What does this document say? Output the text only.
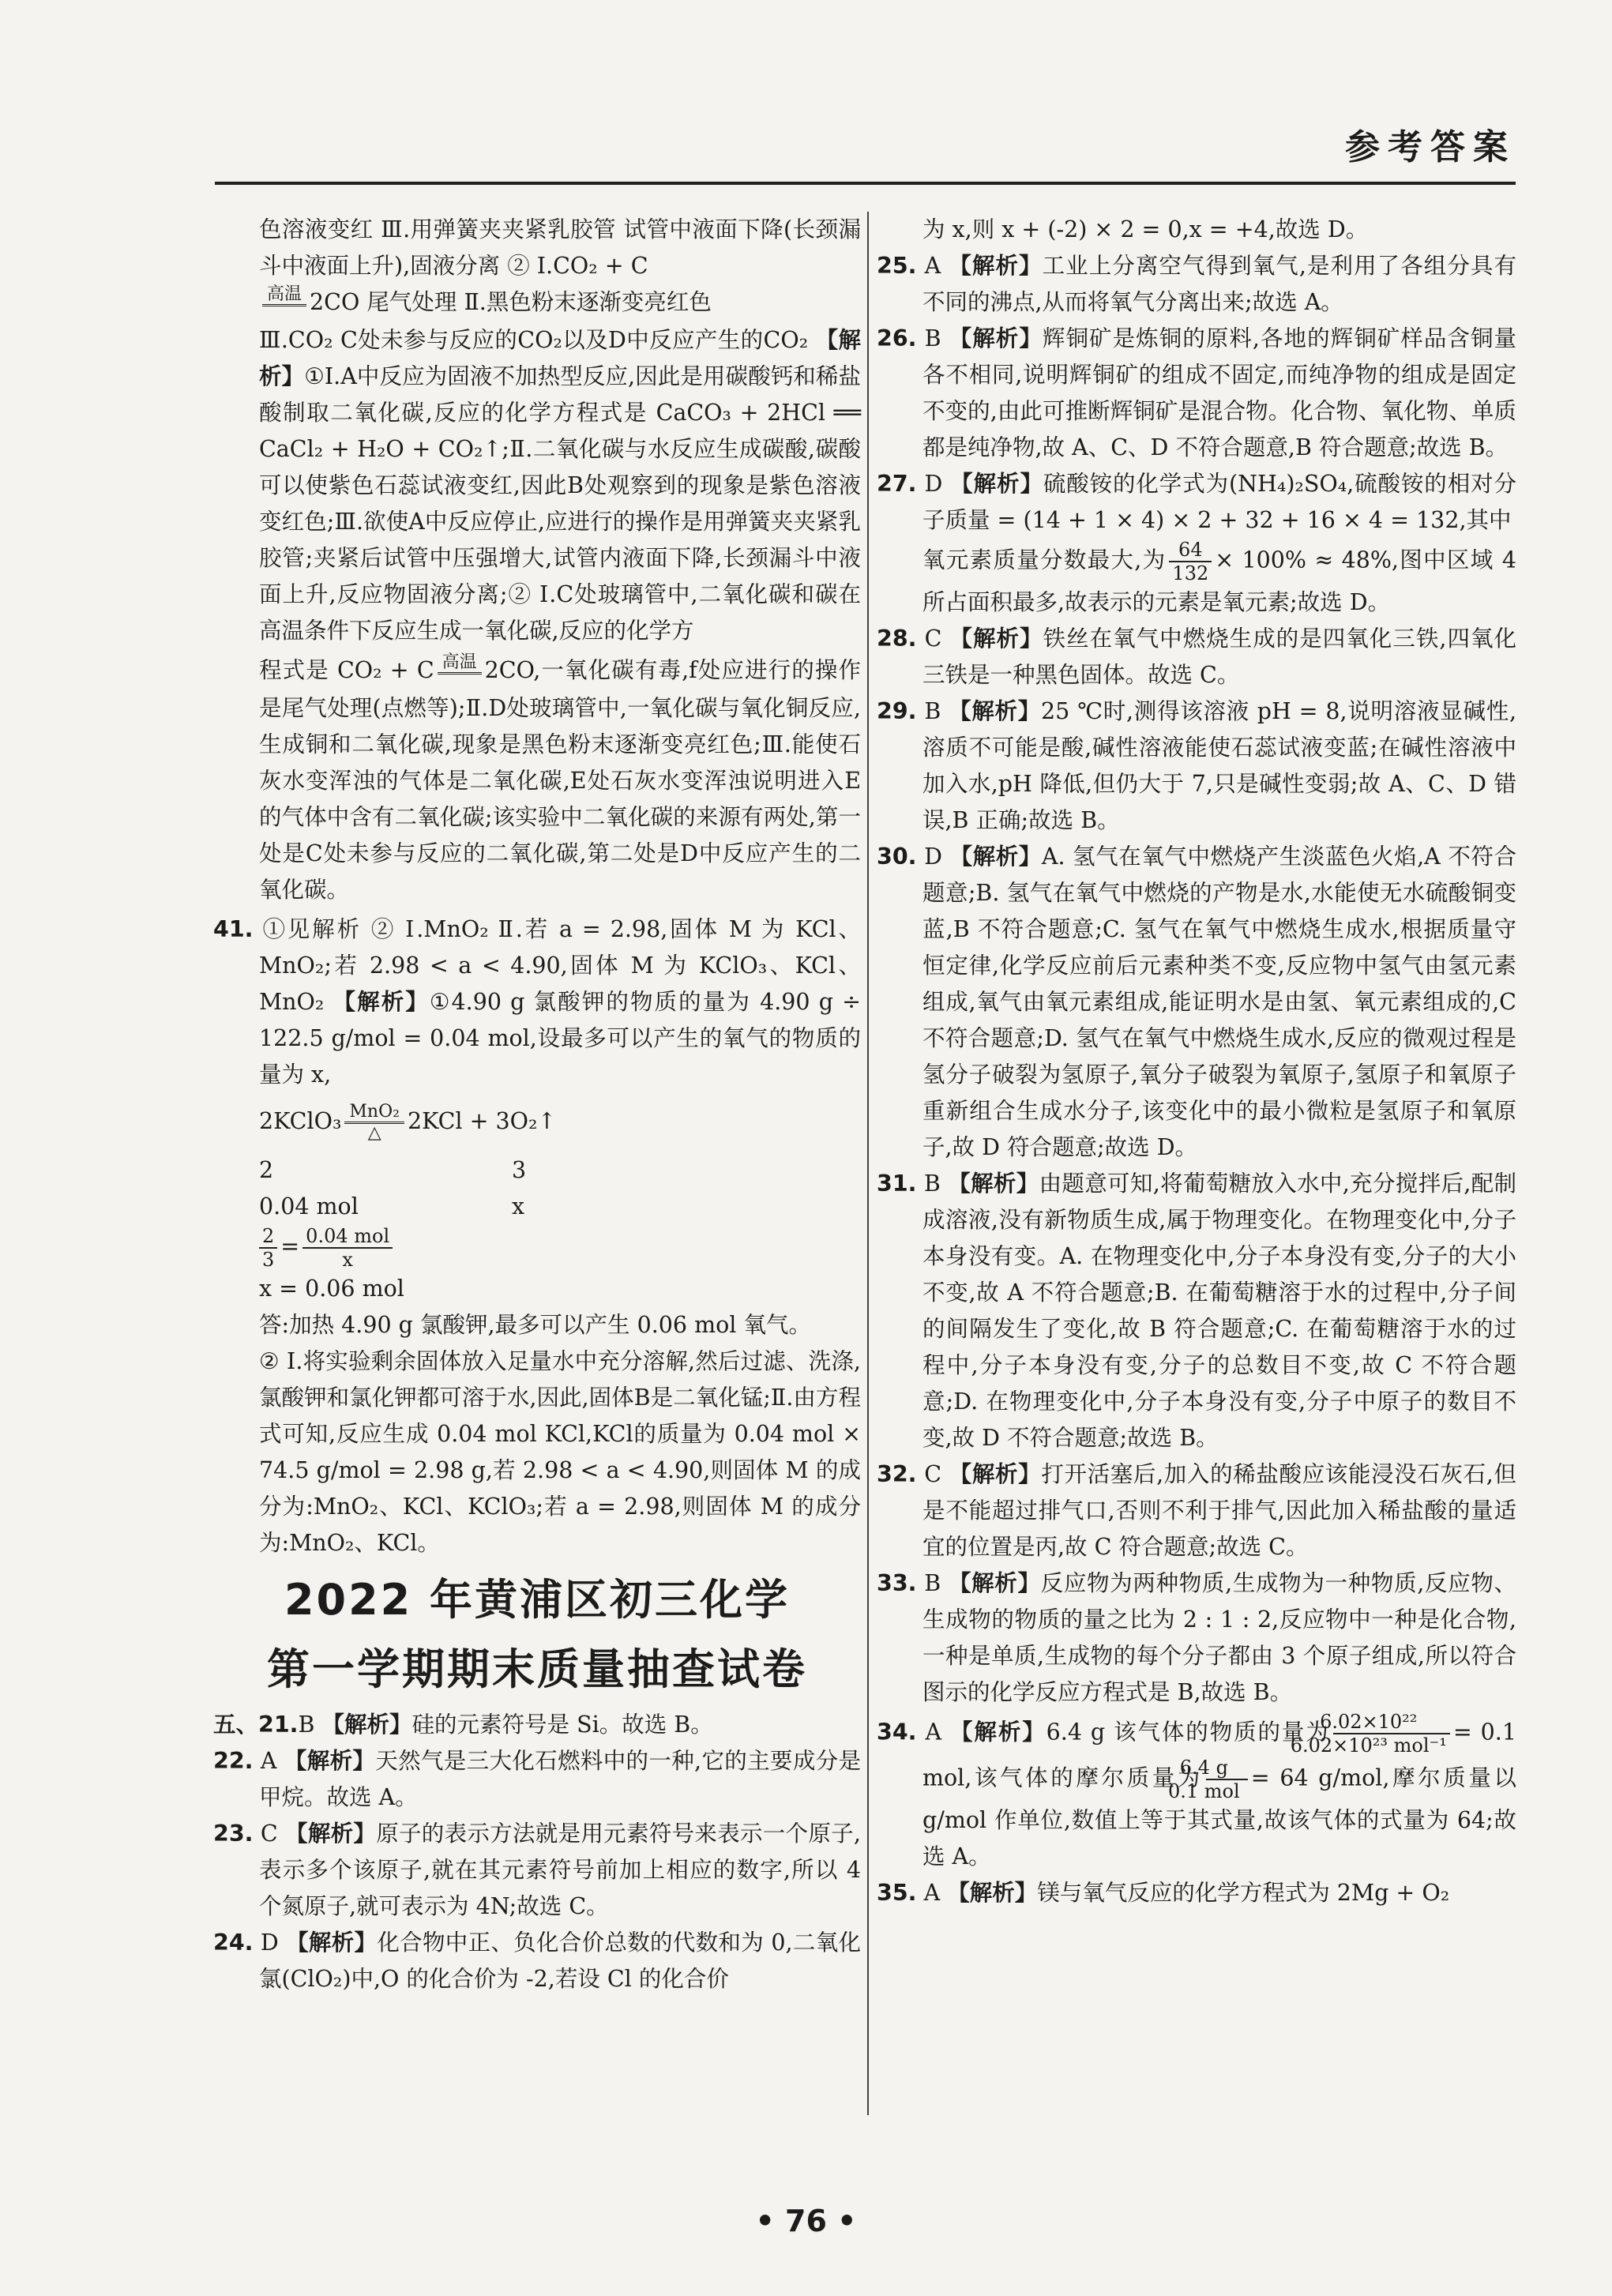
参考答案

色溶液变红 Ⅲ.用弹簧夹夹紧乳胶管 试管中液面下降(长颈漏斗中液面上升),固液分离 ② Ⅰ.CO₂ + C

高温 2CO 尾气处理 Ⅱ.黑色粉末逐渐变亮红色
Ⅲ.CO₂ C处未参与反应的CO₂以及D中反应产生的CO₂ 【解析】①Ⅰ.A中反应为固液不加热型反应,因此是用碳酸钙和稀盐酸制取二氧化碳,反应的化学方程式是 CaCO₃ + 2HCl ══ CaCl₂ + H₂O + CO₂↑;Ⅱ.二氧化碳与水反应生成碳酸,碳酸可以使紫色石蕊试液变红,因此B处观察到的现象是紫色溶液变红色;Ⅲ.欲使A中反应停止,应进行的操作是用弹簧夹夹紧乳胶管;夹紧后试管中压强增大,试管内液面下降,长颈漏斗中液面上升,反应物固液分离;② Ⅰ.C处玻璃管中,二氧化碳和碳在高温条件下反应生成一氧化碳,反应的化学方

程式是 CO₂ + C 高温 2CO,一氧化碳有毒,f处应进行的操作是尾气处理(点燃等);Ⅱ.D处玻璃管中,一氧化碳与氧化铜反应,生成铜和二氧化碳,现象是黑色粉末逐渐变亮红色;Ⅲ.能使石灰水变浑浊的气体是二氧化碳,E处石灰水变浑浊说明进入E的气体中含有二氧化碳;该实验中二氧化碳的来源有两处,第一处是C处未参与反应的二氧化碳,第二处是D中反应产生的二氧化碳。

41. ①见解析 ② Ⅰ.MnO₂ Ⅱ.若 a = 2.98,固体 M 为 KCl、MnO₂;若 2.98 < a < 4.90,固体 M 为 KClO₃、KCl、MnO₂ 【解析】①4.90 g 氯酸钾的物质的量为 4.90 g ÷ 122.5 g/mol = 0.04 mol,设最多可以产生的氧气的物质的量为 x,

2KClO₃ MnO₂
△	2KCl + 3O₂↑
2	3
0.04 mol	x
$\frac{2}{3} = \frac{\text{0.04 mol}}{x}$
x = 0.06 mol
答:加热 4.90 g 氯酸钾,最多可以产生 0.06 mol 氧气。

② Ⅰ.将实验剩余固体放入足量水中充分溶解,然后过滤、洗涤,氯酸钾和氯化钾都可溶于水,因此,固体B是二氧化锰;Ⅱ.由方程式可知,反应生成 0.04 mol KCl,KCl的质量为 0.04 mol × 74.5 g/mol = 2.98 g,若 2.98 < a < 4.90,则固体 M 的成分为:MnO₂、KCl、KClO₃;若 a = 2.98,则固体 M 的成分为:MnO₂、KCl。

2022 年黄浦区初三化学
第一学期期末质量抽查试卷

五、21.B 【解析】硅的元素符号是 Si。故选 B。

22. A 【解析】天然气是三大化石燃料中的一种,它的主要成分是甲烷。故选 A。

23. C 【解析】原子的表示方法就是用元素符号来表示一个原子,表示多个该原子,就在其元素符号前加上相应的数字,所以 4 个氮原子,就可表示为 4N;故选 C。

24. D 【解析】化合物中正、负化合价总数的代数和为 0,二氧化氯(ClO₂)中,O 的化合价为 -2,若设 Cl 的化合价

为 x,则 x + (-2) × 2 = 0,x = +4,故选 D。

25. A 【解析】工业上分离空气得到氧气,是利用了各组分具有不同的沸点,从而将氧气分离出来;故选 A。

26. B 【解析】辉铜矿是炼铜的原料,各地的辉铜矿样品含铜量各不相同,说明辉铜矿的组成不固定,而纯净物的组成是固定不变的,由此可推断辉铜矿是混合物。化合物、氧化物、单质都是纯净物,故 A、C、D 不符合题意,B 符合题意;故选 B。

27. D 【解析】硫酸铵的化学式为(NH₄)₂SO₄,硫酸铵的相对分子质量 = (14 + 1 × 4) × 2 + 32 + 16 × 4 = 132,其中

氧元素质量分数最大,为 $\frac{64}{132} \times 100\% \approx 48\%$,图中区域 4 所占面积最多,故表示的元素是氧元素;故选 D。

28. C 【解析】铁丝在氧气中燃烧生成的是四氧化三铁,四氧化三铁是一种黑色固体。故选 C。

29. B 【解析】25 ℃时,测得该溶液 pH = 8,说明溶液显碱性,溶质不可能是酸,碱性溶液能使石蕊试液变蓝;在碱性溶液中加入水,pH 降低,但仍大于 7,只是碱性变弱;故 A、C、D 错误,B 正确;故选 B。

30. D 【解析】A. 氢气在氧气中燃烧产生淡蓝色火焰,A 不符合题意;B. 氢气在氧气中燃烧的产物是水,水能使无水硫酸铜变蓝,B 不符合题意;C. 氢气在氧气中燃烧生成水,根据质量守恒定律,化学反应前后元素种类不变,反应物中氢气由氢元素组成,氧气由氧元素组成,能证明水是由氢、氧元素组成的,C 不符合题意;D. 氢气在氧气中燃烧生成水,反应的微观过程是氢分子破裂为氢原子,氧分子破裂为氧原子,氢原子和氧原子重新组合生成水分子,该变化中的最小微粒是氢原子和氧原子,故 D 符合题意;故选 D。

31. B 【解析】由题意可知,将葡萄糖放入水中,充分搅拌后,配制成溶液,没有新物质生成,属于物理变化。在物理变化中,分子本身没有变。A. 在物理变化中,分子本身没有变,分子的大小不变,故 A 不符合题意;B. 在葡萄糖溶于水的过程中,分子间的间隔发生了变化,故 B 符合题意;C. 在葡萄糖溶于水的过程中,分子本身没有变,分子的总数目不变,故 C 不符合题意;D. 在物理变化中,分子本身没有变,分子中原子的数目不变,故 D 不符合题意;故选 B。

32. C 【解析】打开活塞后,加入的稀盐酸应该能浸没石灰石,但是不能超过排气口,否则不利于排气,因此加入稀盐酸的量适宜的位置是丙,故 C 符合题意;故选 C。

33. B 【解析】反应物为两种物质,生成物为一种物质,反应物、生成物的物质的量之比为 2 : 1 : 2,反应物中一种是化合物,一种是单质,生成物的每个分子都由 3 个原子组成,所以符合图示的化学反应方程式是 B,故选 B。

34. A 【解析】6.4 g 该气体的物质的量为 $\frac{\text{6.02×10²²}}{\text{6.02×10²³ mol⁻¹}} = 0.1$ mol,该气体的摩尔质量为 $\frac{6.4 g}{\text{0.1 mol}} = 64$ g/mol,摩尔质量以 g/mol 作单位,数值上等于其式量,故该气体的式量为 64;故选 A。

35. A 【解析】镁与氧气反应的化学方程式为 2Mg + O₂

• 76 •
